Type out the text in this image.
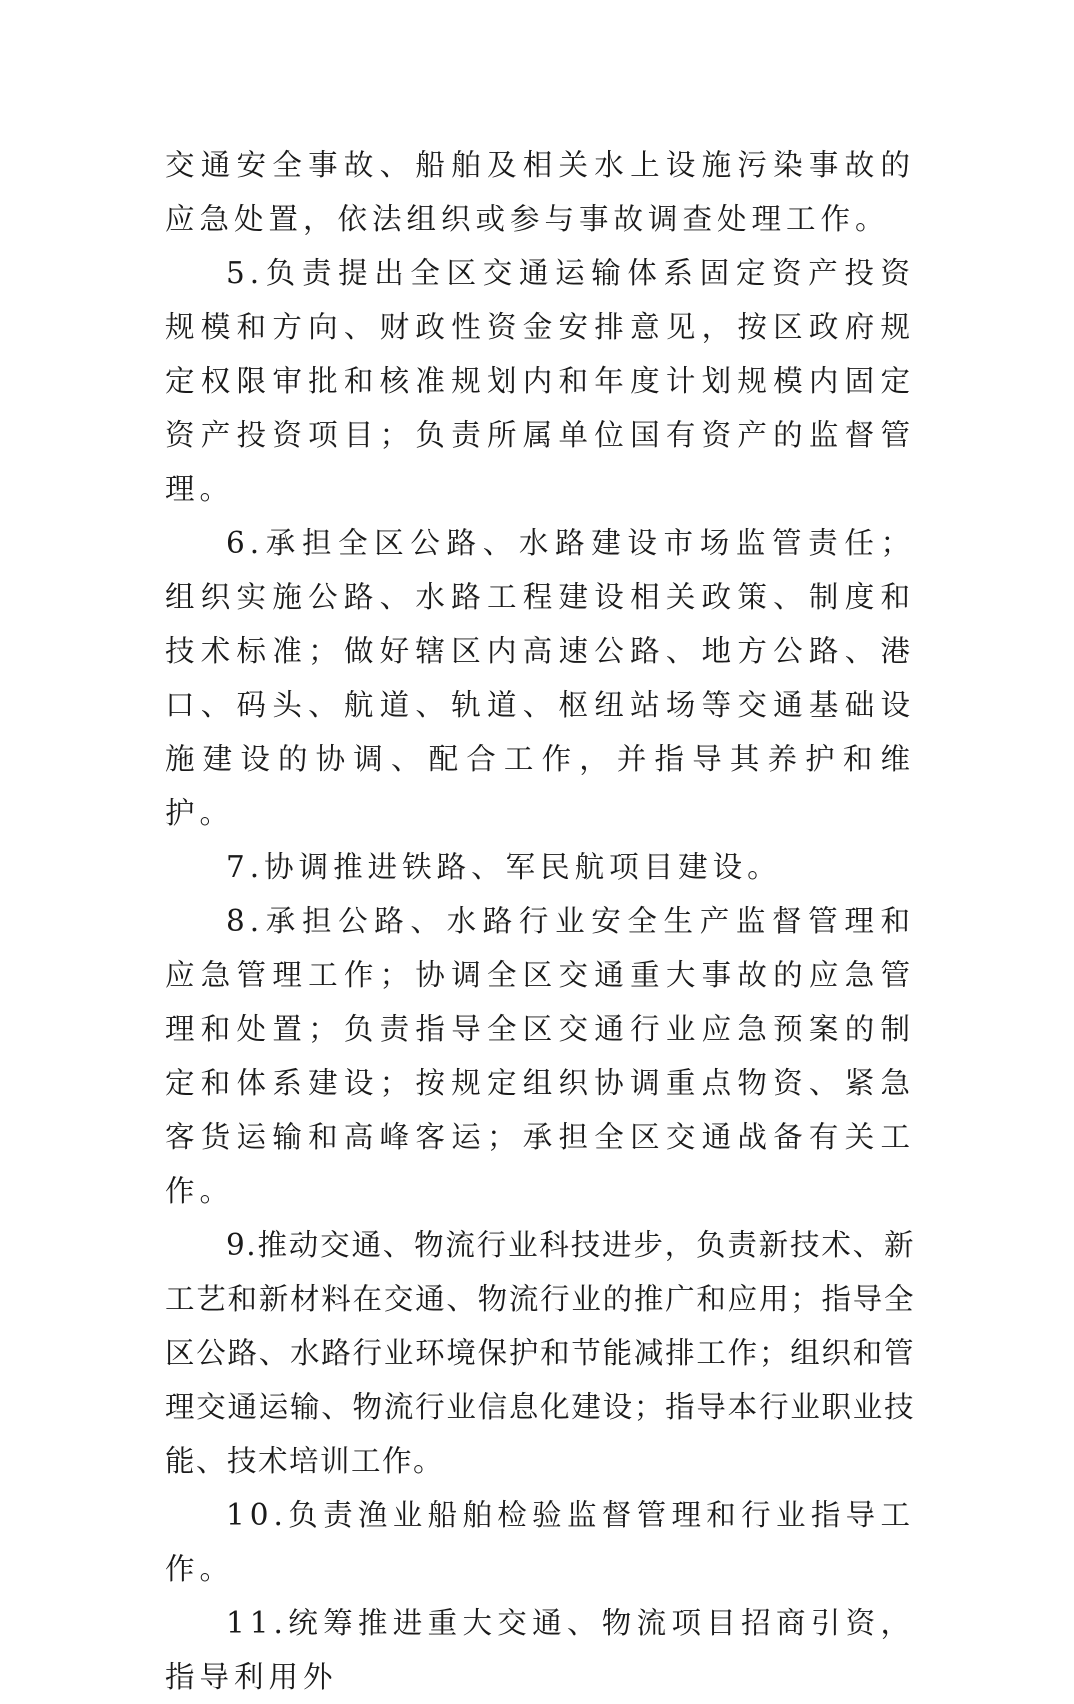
交通安全事故、船舶及相关水上设施污染事故的应急处置，依法组织或参与事故调查处理工作。

5.负责提出全区交通运输体系固定资产投资规模和方向、财政性资金安排意见，按区政府规定权限审批和核准规划内和年度计划规模内固定资产投资项目；负责所属单位国有资产的监督管理。

6.承担全区公路、水路建设市场监管责任；组织实施公路、水路工程建设相关政策、制度和技术标准；做好辖区内高速公路、地方公路、港口、码头、航道、轨道、枢纽站场等交通基础设施建设的协调、配合工作，并指导其养护和维护。

7.协调推进铁路、军民航项目建设。

8.承担公路、水路行业安全生产监督管理和应急管理工作；协调全区交通重大事故的应急管理和处置；负责指导全区交通行业应急预案的制定和体系建设；按规定组织协调重点物资、紧急客货运输和高峰客运；承担全区交通战备有关工作。

9.推动交通、物流行业科技进步，负责新技术、新工艺和新材料在交通、物流行业的推广和应用；指导全区公路、水路行业环境保护和节能减排工作；组织和管理交通运输、物流行业信息化建设；指导本行业职业技能、技术培训工作。

10.负责渔业船舶检验监督管理和行业指导工作。

11.统筹推进重大交通、物流项目招商引资，指导利用外
